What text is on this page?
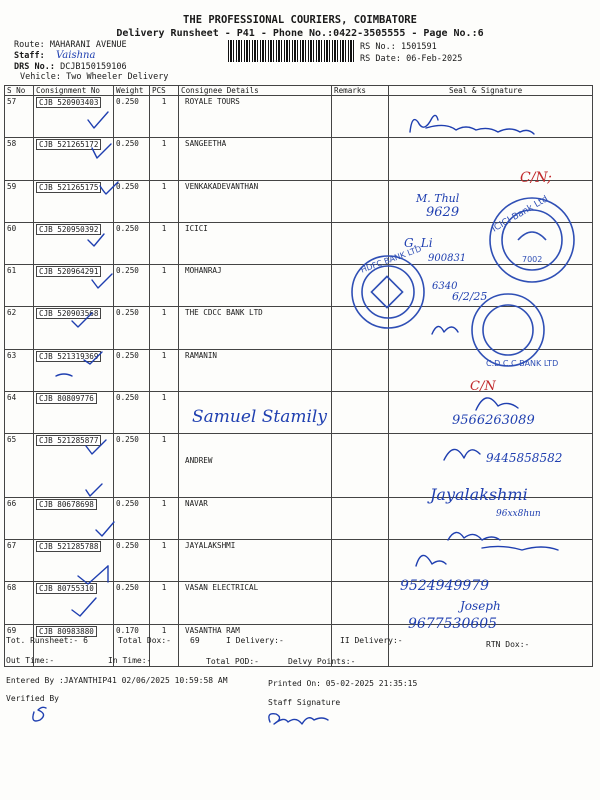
THE PROFESSIONAL COURIERS, COIMBATORE
Delivery Runsheet - P41 - Phone No.:0422-3505555 - Page No.:6
Route: MAHARANI AVENUE
Staff:
DRS No.: DCJB150159106
Vehicle: Two Wheeler Delivery
RS No.: 1501591
RS Date: 06-Feb-2025
S No	Consignment No	Weight	PCS	Consignee Details	Remarks	Seal & Signature
57	CJB 520903403	0.250	1	ROYALE TOURS		
58	CJB 521265172	0.250	1	SANGEETHA		
59	CJB 521265175	0.250	1	VENKAKADEVANTHAN		
60	CJB 520950392	0.250	1	ICICI		
61	CJB 520964291	0.250	1	MOHANRAJ		
62	CJB 520903568	0.250	1	THE CDCC BANK LTD		
63	CJB 521319369	0.250	1	RAMANIN		
64	CJB 80809776	0.250	1			
65	CJB 521285877	0.250	1	ANDREW		
66	CJB 80678698	0.250	1	NAVAR		
67	CJB 521285788	0.250	1	JAYALAKSHMI		
68	CJB 80755310	0.250	1	VASAN ELECTRICAL		
69	CJB 80983880	0.170	1	VASANTHA RAM		
Vaishna
C/N;
M. Thul
9629	ICICI Bank Ltd
7002
G. Li
900831
6340
HDFC BANK LTD
6/2/25
C.D.C.C BANK LTD
C/N
Samuel Stamily	9566263089
9445858582
Jayalakshmi
96xx8hun
9524949979
Joseph
9677530605
Tot. Runsheet:- 6	Total Dox:- 69	I Delivery:-	II Delivery:-	RTN Dox:-
Out Time:-	In Time:-	Total POD:-	Delvy Points:-
Entered By :JAYANTHIP41 02/06/2025 10:59:58 AM	Printed On: 05-02-2025 21:35:15
Verified By	Staff Signature
